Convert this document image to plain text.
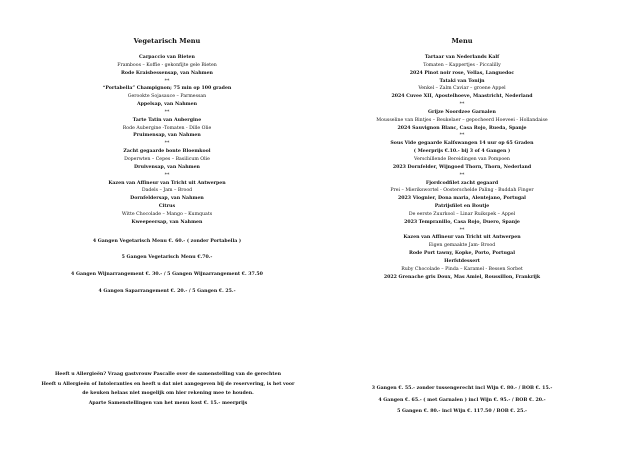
Vegetarisch Menu
Carpaccio van Bieten
Framboos – Koffie - gekonfijte gele Bieten
Rode Kraisbessensap, van Nahmen
**
“Portabella” Champignon; 75 min op 100 graden
Gerookte Sojasauce – Parmessan
Appelsap, van Nahmen
**
Tarte Tatin van Aubergine
Rode Aubergine -Tomaten - Dille Olie
Pruimensap, van Nahmen
**
Zacht gegaarde bonte Bloemkool
Doperwten – Cepes – Basilicum Olie
Druivensap, van Nahmen
**
Kazen van Affineur van Tricht uit Antwerpen
Dadels – Jam – Brood
Dornfeldersap, van Nahmen
Citrus
Witte Chocolade – Mango – Kumquats
Kweepeersap, van Nahmen
4 Gangen Vegetarisch Menu €. 60.- ( zonder Portabella )
5 Gangen Vegetarisch Menu €.70.-
4 Gangen Wijnarrangement €. 30.- / 5 Gangen Wijnarrangement €. 37.50
4 Gangen Saparrangement €. 20.- / 5 Gangen €. 25.-
Heeft u Allergieën? Vraag gastvrouw Pascalle over de samenstelling van de gerechten
Heeft u Allergieën of Intoleranties en heeft u dat niet aangegeven bij de reservering, is het voor
de keuken helaas niet mogelijk om hier rekening mee te houden.
Aparte Samenstellingen van het menu kost €. 15.- meerprijs
Menu
Tartaar van Nederlands Kalf
Tomaten – Kappertjes - Piccalilly
2024 Pinot noir rose, Vellas, Languedoc
Tataki van Tonijn
Venkel – Zalm Caviar – groene Appel
2024 Cuvee XII, Apostelhoeve, Maastricht, Nederland
**
Grijze Noordzee Garnalen
Mousseline van Bintjes – Beukelaer – gepocheerd Hoeveei - Hollandaise
2024 Sauvignon Blanc, Casa Rojo, Rueda, Spanje
**
Sous Vide gegaarde Kalfswangen 14 uur op 65 Graden
( Meerprijs €.10.- bij 3 of 4 Gangen )
Verschillende Bereidingen van Pompoen
2023 Dornfelder, Wijngoed Thorn, Thorn, Nederland
**
Fjordcodfilet zacht gegaard
Prei – Mierikswortel - Oosterschelde Paling - Buddah Finger
2023 Viognier, Dona maria, Alentejano, Portugal
Patrijsfilet en Boutje
De eerste Zuurkool – Linar Ruikspek – Appel
2023 Tempranillo, Casa Rojo, Duero, Spanje
**
Kazen van Affineur van Tricht uit Antwerpen
Eigen gemaakte Jam- Brood
Rode Port tawny, Kopke, Porto, Portugal
Herfstdessert
Ruby Chocolade – Pinda – Karamel - Bessen Sorbet
2022 Grenache gris Doux, Mas Amiel, Roussillon, Frankrijk
3 Gangen €. 55.- zonder tussengerecht incl Wijn €. 80.- / BOB €. 15.-
4 Gangen €. 65.- ( met Garnalen ) incl Wijn €. 95.- / BOB €. 20.-
5 Gangen €. 80.- incl Wijn €. 117.50 / BOB €. 25.-
